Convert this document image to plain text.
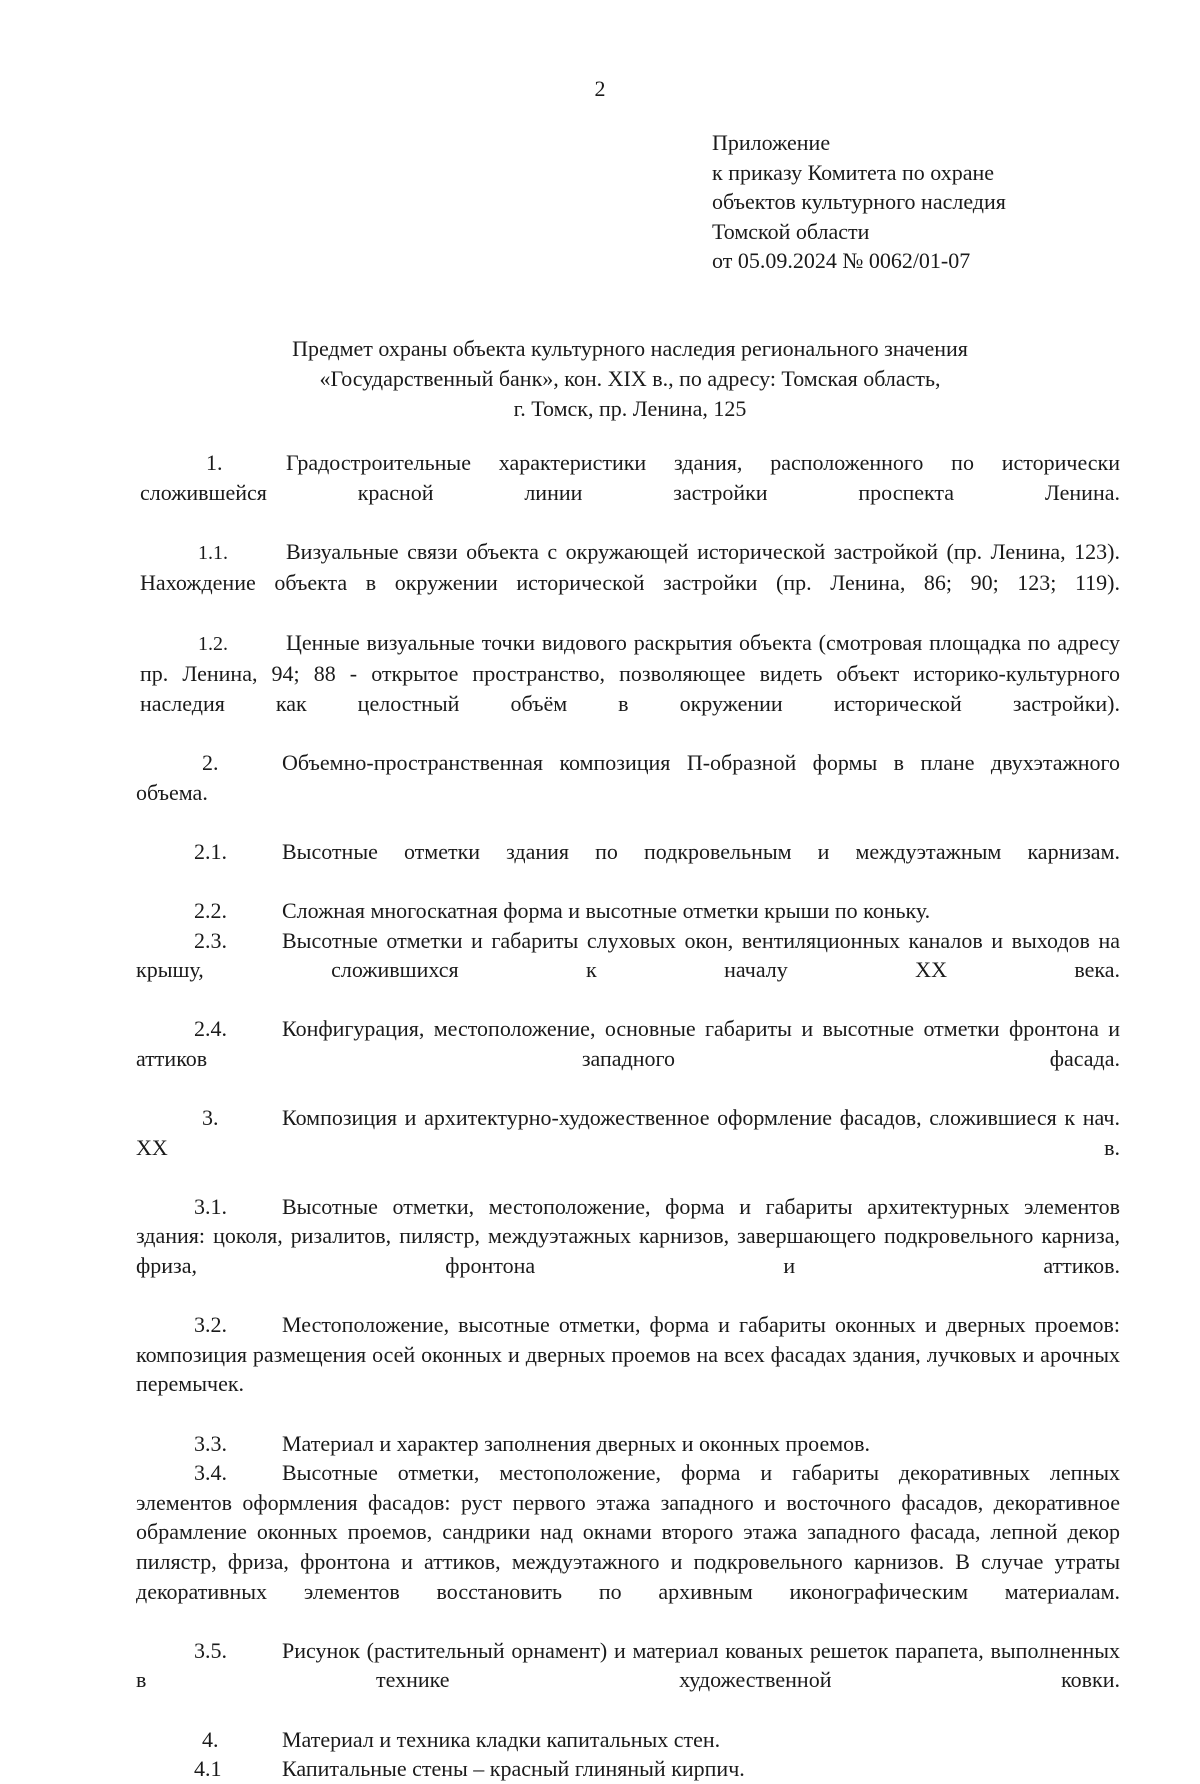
2
Приложение
к приказу Комитета по охране
объектов культурного наследия
Томской области
от 05.09.2024 № 0062/01-07
Предмет охраны объекта культурного наследия регионального значения
«Государственный банк», кон. XIX в., по адресу: Томская область,
г. Томск, пр. Ленина, 125
1.	Градостроительные характеристики здания, расположенного по исторически сложившейся красной линии застройки проспекта Ленина.
1.1.	Визуальные связи объекта с окружающей исторической застройкой (пр. Ленина, 123). Нахождение объекта в окружении исторической застройки (пр. Ленина, 86; 90; 123; 119).
1.2.	Ценные визуальные точки видового раскрытия объекта (смотровая площадка по адресу пр. Ленина, 94; 88 - открытое пространство, позволяющее видеть объект историко-культурного наследия как целостный объём в окружении исторической застройки).
2.	Объемно-пространственная композиция П-образной формы в плане двухэтажного объема.
2.1.	Высотные отметки здания по подкровельным и междуэтажным карнизам.
2.2.	Сложная многоскатная форма и высотные отметки крыши по коньку.
2.3.	Высотные отметки и габариты слуховых окон, вентиляционных каналов и выходов на крышу, сложившихся к началу XX века.
2.4.	Конфигурация, местоположение, основные габариты и высотные отметки фронтона и аттиков западного фасада.
3.	Композиция и архитектурно-художественное оформление фасадов, сложившиеся к нач. XX в.
3.1.	Высотные отметки, местоположение, форма и габариты архитектурных элементов здания: цоколя, ризалитов, пилястр, междуэтажных карнизов, завершающего подкровельного карниза, фриза, фронтона и аттиков.
3.2.	Местоположение, высотные отметки, форма и габариты оконных и дверных проемов: композиция размещения осей оконных и дверных проемов на всех фасадах здания, лучковых и арочных перемычек.
3.3.	Материал и характер заполнения дверных и оконных проемов.
3.4.	Высотные отметки, местоположение, форма и габариты декоративных лепных элементов оформления фасадов: руст первого этажа западного и восточного фасадов, декоративное обрамление оконных проемов, сандрики над окнами второго этажа западного фасада, лепной декор пилястр, фриза, фронтона и аттиков, междуэтажного и подкровельного карнизов. В случае утраты декоративных элементов восстановить по архивным иконографическим материалам.
3.5.	Рисунок (растительный орнамент) и материал кованых решеток парапета, выполненных в технике художественной ковки.
4.	Материал и техника кладки капитальных стен.
4.1	Капитальные стены – красный глиняный кирпич.
